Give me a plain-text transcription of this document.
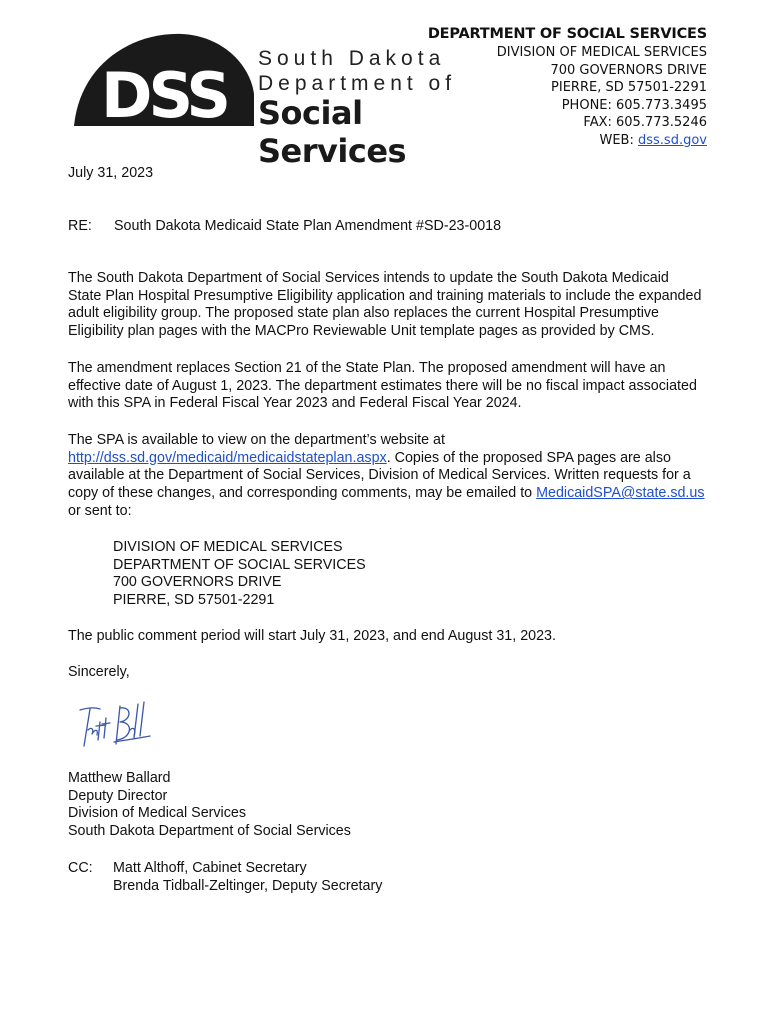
DSS
South Dakota
Department of
Social Services
DEPARTMENT OF SOCIAL SERVICES
DIVISION OF MEDICAL SERVICES
700 GOVERNORS DRIVE
PIERRE, SD 57501-2291
PHONE: 605.773.3495
FAX: 605.773.5246
WEB: dss.sd.gov
July 31, 2023
RE: South Dakota Medicaid State Plan Amendment #SD-23-0018
The South Dakota Department of Social Services intends to update the South Dakota Medicaid
State Plan Hospital Presumptive Eligibility application and training materials to include the expanded
adult eligibility group. The proposed state plan also replaces the current Hospital Presumptive
Eligibility plan pages with the MACPro Reviewable Unit template pages as provided by CMS.
The amendment replaces Section 21 of the State Plan. The proposed amendment will have an
effective date of August 1, 2023. The department estimates there will be no fiscal impact associated
with this SPA in Federal Fiscal Year 2023 and Federal Fiscal Year 2024.
The SPA is available to view on the department’s website at
http://dss.sd.gov/medicaid/medicaidstateplan.aspx. Copies of the proposed SPA pages are also
available at the Department of Social Services, Division of Medical Services. Written requests for a
copy of these changes, and corresponding comments, may be emailed to MedicaidSPA@state.sd.us
or sent to:
DIVISION OF MEDICAL SERVICES
DEPARTMENT OF SOCIAL SERVICES
700 GOVERNORS DRIVE
PIERRE, SD 57501-2291
The public comment period will start July 31, 2023, and end August 31, 2023.
Sincerely,
Matthew Ballard
Deputy Director
Division of Medical Services
South Dakota Department of Social Services
CC: Matt Althoff, Cabinet Secretary
Brenda Tidball-Zeltinger, Deputy Secretary
